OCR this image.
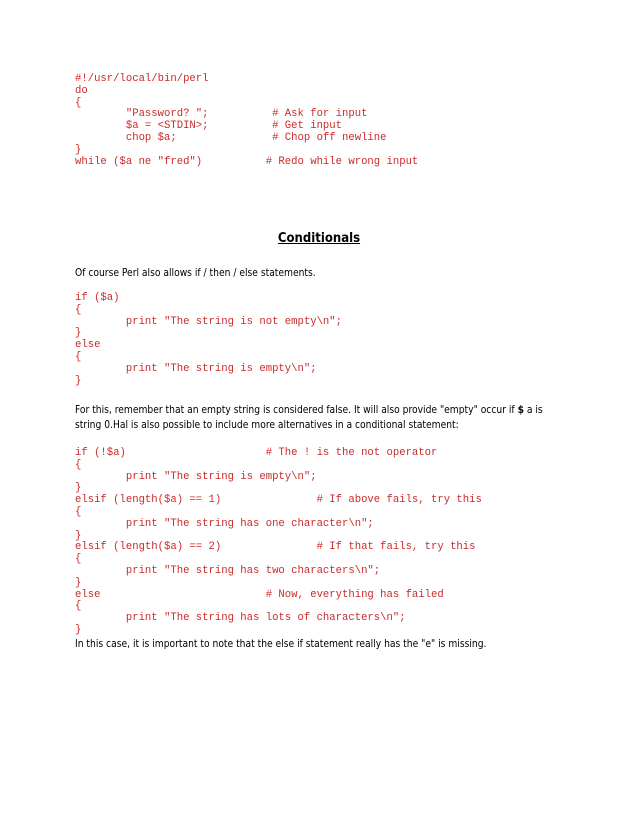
#!/usr/local/bin/perl
do
{
"Password? ";          # Ask for input
$a = <STDIN>;          # Get input
chop $a;               # Chop off newline
}
while ($a ne "fred")          # Redo while wrong input
Conditionals

Of course Perl also allows if / then / else statements.

if ($a)
{
print "The string is not empty\n";
}
else
{
print "The string is empty\n";
}

For this, remember that an empty string is considered false. It will also provide "empty" occur if $ a is string 0.Hal is also possible to include more alternatives in a conditional statement:

if (!$a)                      # The ! is the not operator
{
print "The string is empty\n";
}
elsif (length($a) == 1)               # If above fails, try this
{
print "The string has one character\n";
}
elsif (length($a) == 2)               # If that fails, try this
{
print "The string has two characters\n";
}
else                          # Now, everything has failed
{
print "The string has lots of characters\n";
}

In this case, it is important to note that the else if statement really has the "e" is missing.
